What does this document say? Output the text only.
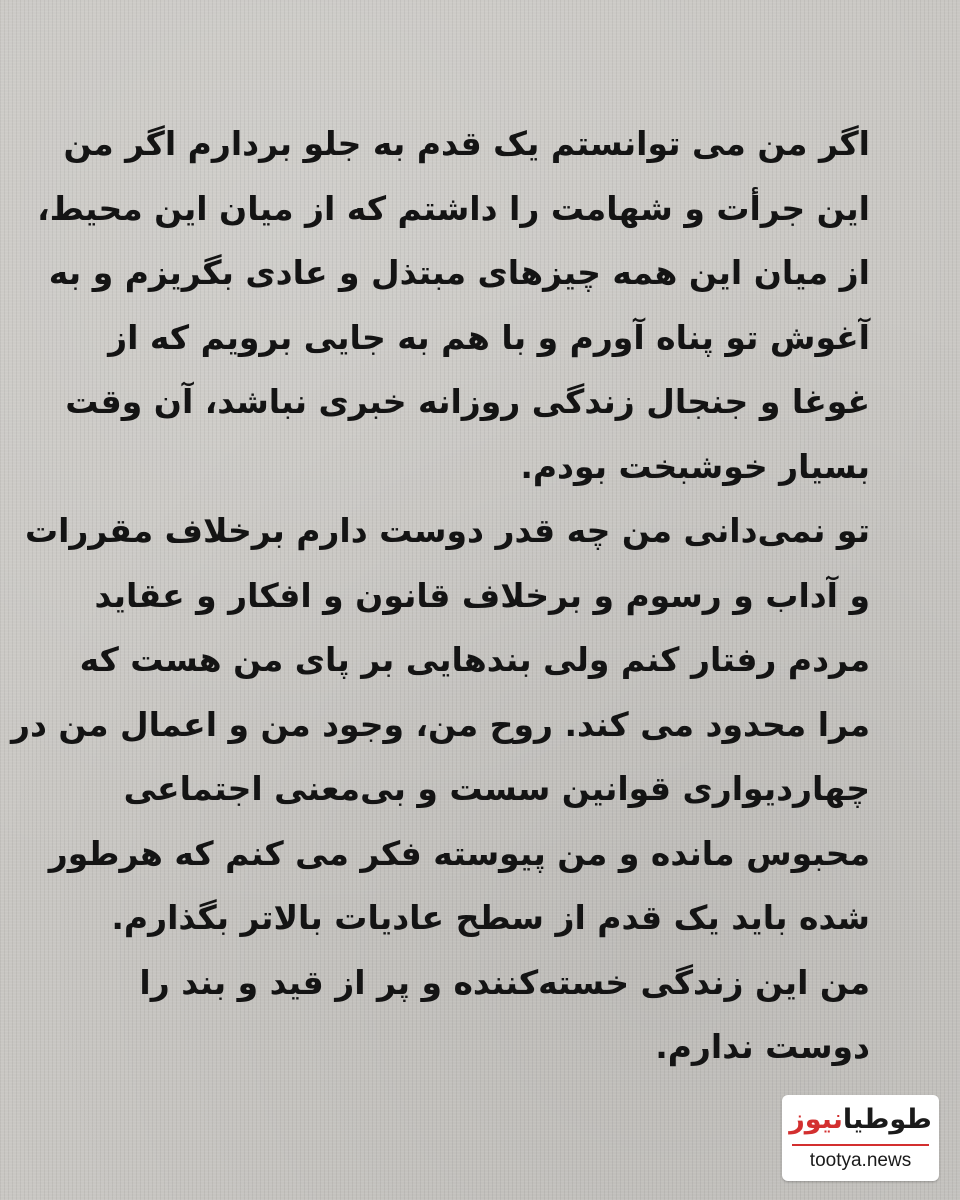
اگر من می توانستم یک قدم به جلو بردارم اگر من
این جرأت و شهامت را داشتم که از میان این محیط،
از میان این همه چیزهای مبتذل و عادی بگریزم و به
آغوش تو پناه آورم و با هم به جایی برویم که از
غوغا و جنجال زندگی روزانه خبری نباشد، آن وقت
بسیار خوشبخت بودم.
تو نمی‌دانی من چه قدر دوست دارم برخلاف مقررات
و آداب و رسوم و برخلاف قانون و افکار و عقاید
مردم رفتار کنم ولی بندهایی بر پای من هست که
مرا محدود می کند. روح من، وجود من و اعمال من در
چهاردیواری قوانین سست و بی‌معنی اجتماعی
محبوس مانده و من پیوسته فکر می کنم که هرطور
شده باید یک قدم از سطح عادیات بالاتر بگذارم.
من این زندگی خسته‌کننده و پر از قید و بند را
دوست ندارم.
طوطیانیوز
tootya.news
